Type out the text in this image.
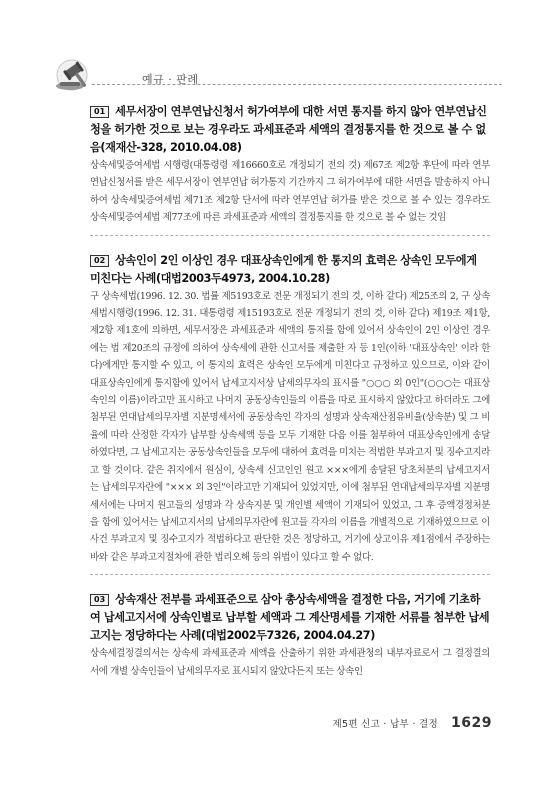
예규 · 판례

01 세무서장이 연부연납신청서 허가여부에 대한 서면 통지를 하지 않아 연부연납신청을 허가한 것으로 보는 경우라도 과세표준과 세액의 결정통지를 한 것으로 볼 수 없음(재재산-328, 2010.04.08)

상속세및증여세법 시행령(대통령령 제16660호로 개정되기 전의 것) 제67조 제2항 후단에 따라 연부연납신청서를 받은 세무서장이 연부연납 허가통지 기간까지 그 허가여부에 대한 서면을 발송하지 아니하여 상속세및증여세법 제71조 제2항 단서에 따라 연부연납 허가를 받은 것으로 볼 수 있는 경우라도 상속세및증여세법 제77조에 따른 과세표준과 세액의 결정통지를 한 것으로 볼 수 없는 것임

02 상속인이 2인 이상인 경우 대표상속인에게 한 통지의 효력은 상속인 모두에게 미친다는 사례(대법2003두4973, 2004.10.28)

구 상속세법(1996. 12. 30. 법률 제5193호로 전문 개정되기 전의 것, 이하 같다) 제25조의 2, 구 상속세법시행령(1996. 12. 31. 대통령령 제15193호로 전문 개정되기 전의 것, 이하 같다) 제19조 제1항, 제2항 제1호에 의하면, 세무서장은 과세표준과 세액의 통지를 함에 있어서 상속인이 2인 이상인 경우에는 법 제20조의 규정에 의하여 상속세에 관한 신고서를 제출한 자 등 1인(이하 '대표상속인' 이라 한다)에게만 통지할 수 있고, 이 통지의 효력은 상속인 모두에게 미친다고 규정하고 있으므로, 이와 같이 대표상속인에게 통지함에 있어서 납세고지서상 납세의무자의 표시를 "○○○ 외 0인"(○○○는 대표상속인의 이름)이라고만 표시하고 나머지 공동상속인들의 이름을 따로 표시하지 않았다고 하더라도 그에 첨부된 연대납세의무자별 지분명세서에 공동상속인 각자의 성명과 상속재산점유비율(상속분) 및 그 비율에 따라 산정한 각자가 납부할 상속세액 등을 모두 기재한 다음 이를 첨부하여 대표상속인에게 송달하였다면, 그 납세고지는 공동상속인들을 모두에 대하여 효력을 미치는 적법한 부과고지 및 징수고지라고 할 것이다. 같은 취지에서 원심이, 상속세 신고인인 원고 ×××에게 송달된 당초처분의 납세고지서는 납세의무자란에 "××× 외 3인"이라고만 기재되어 있었지만, 이에 첨부된 연대납세의무자별 지분명세서에는 나머지 원고들의 성명과 각 상속지분 및 개인별 세액이 기재되어 있었고, 그 후 증액경정처분을 함에 있어서는 납세고지서의 납세의무자란에 원고들 각자의 이름을 개별적으로 기재하였으므로 이 사건 부과고지 및 징수고지가 적법하다고 판단한 것은 정당하고, 거기에 상고이유 제1점에서 주장하는 바와 같은 부과고지절차에 관한 법리오해 등의 위법이 있다고 할 수 없다.

03 상속재산 전부를 과세표준으로 삼아 총상속세액을 결정한 다음, 거기에 기초하여 납세고지서에 상속인별로 납부할 세액과 그 계산명세를 기재한 서류를 첨부한 납세고지는 정당하다는 사례(대법2002두7326, 2004.04.27)

상속세결정결의서는 상속세 과세표준과 세액을 산출하기 위한 과세관청의 내부자료로서 그 결정결의서에 개별 상속인들이 납세의무자로 표시되지 않았다든지 또는 상속인

제5편 신고 · 납부 · 결정 1629
